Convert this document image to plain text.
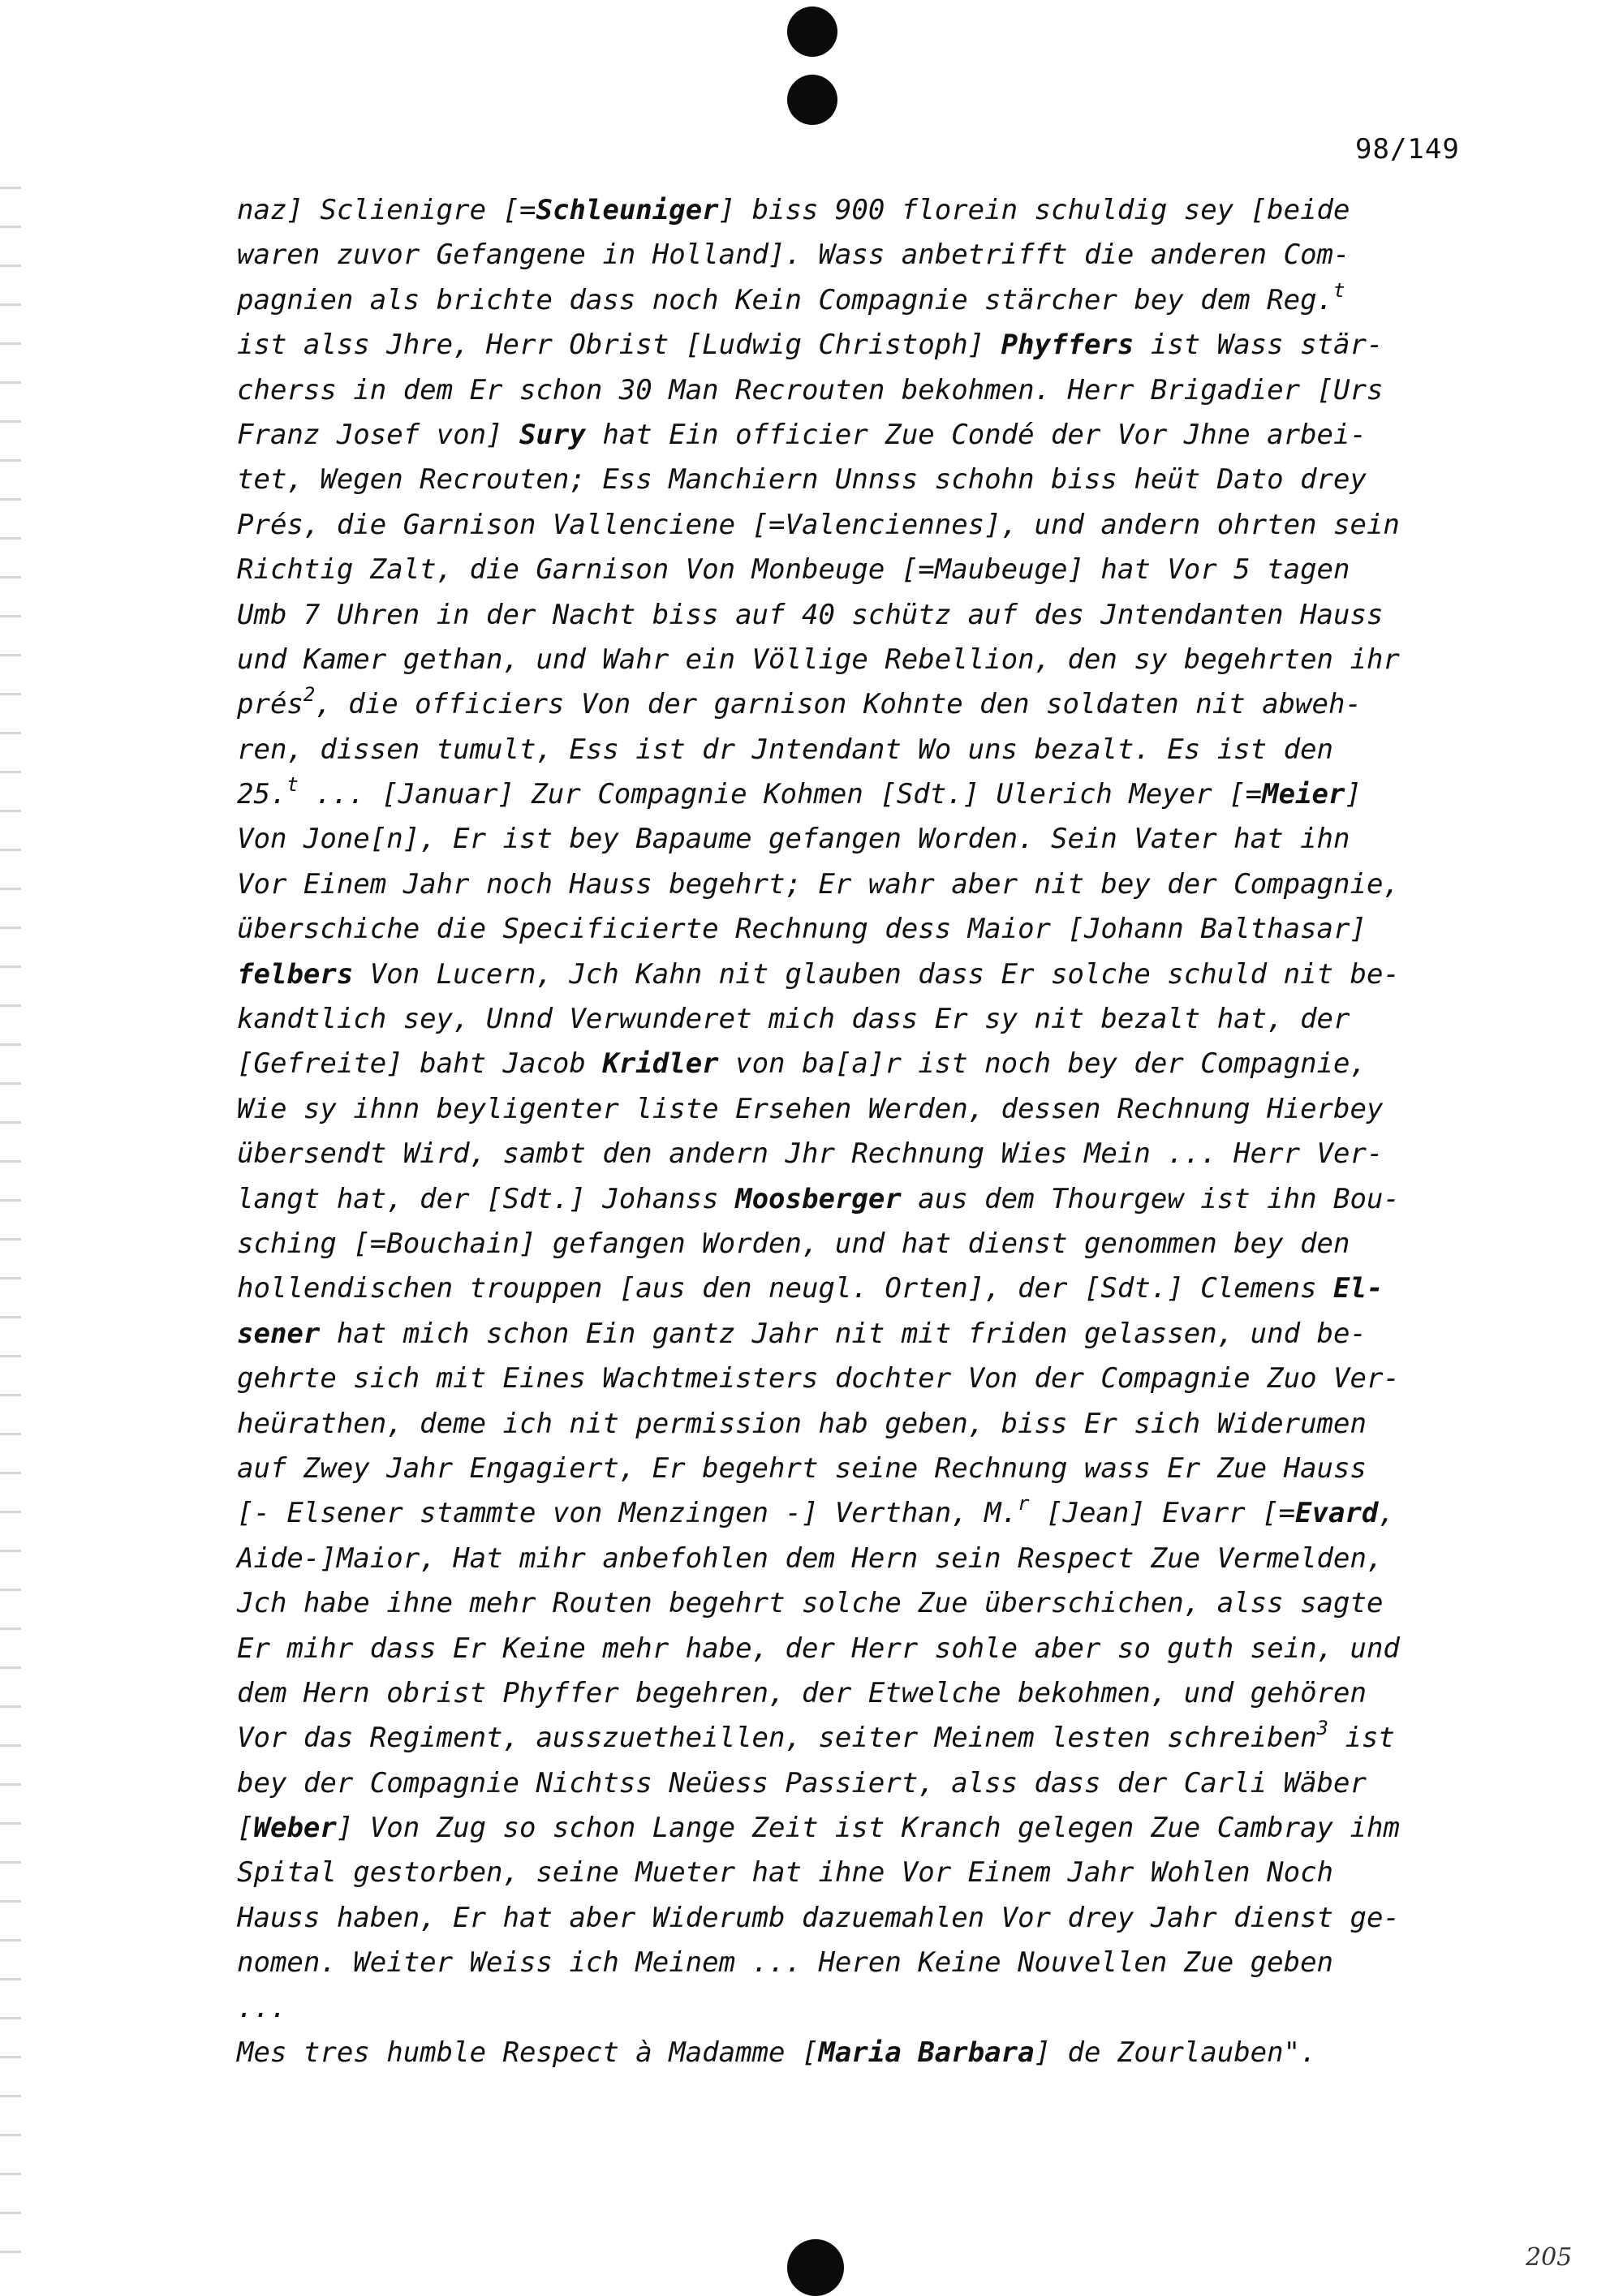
98/149
naz] Sclienigre [=Schleuniger] biss 900 florein schuldig sey [beide
waren zuvor Gefangene in Holland]. Wass anbetrifft die anderen Com-
pagnien als brichte dass noch Kein Compagnie stärcher bey dem Reg.$^t$
ist alss Jhre, Herr Obrist [Ludwig Christoph] Phyffers ist Wass stär-
cherss in dem Er schon 30 Man Recrouten bekohmen. Herr Brigadier [Urs
Franz Josef von] Sury hat Ein officier Zue Condé der Vor Jhne arbei-
tet, Wegen Recrouten; Ess Manchiern Unnss schohn biss heüt Dato drey
Prés, die Garnison Vallenciene [=Valenciennes], und andern ohrten sein
Richtig Zalt, die Garnison Von Monbeuge [=Maubeuge] hat Vor 5 tagen
Umb 7 Uhren in der Nacht biss auf 40 schütz auf des Jntendanten Hauss
und Kamer gethan, und Wahr ein Völlige Rebellion, den sy begehrten ihr
prés$^2$, die officiers Von der garnison Kohnte den soldaten nit abweh-
ren, dissen tumult, Ess ist dr Jntendant Wo uns bezalt. Es ist den
25.$^t$ ... [Januar] Zur Compagnie Kohmen [Sdt.] Ulerich Meyer [=Meier]
Von Jone[n], Er ist bey Bapaume gefangen Worden. Sein Vater hat ihn
Vor Einem Jahr noch Hauss begehrt; Er wahr aber nit bey der Compagnie,
überschiche die Specificierte Rechnung dess Maior [Johann Balthasar]
felbers Von Lucern, Jch Kahn nit glauben dass Er solche schuld nit be-
kandtlich sey, Unnd Verwunderet mich dass Er sy nit bezalt hat, der
[Gefreite] baht Jacob Kridler von ba[a]r ist noch bey der Compagnie,
Wie sy ihnn beyligenter liste Ersehen Werden, dessen Rechnung Hierbey
übersendt Wird, sambt den andern Jhr Rechnung Wies Mein ... Herr Ver-
langt hat, der [Sdt.] Johanss Moosberger aus dem Thourgew ist ihn Bou-
sching [=Bouchain] gefangen Worden, und hat dienst genommen bey den
hollendischen trouppen [aus den neugl. Orten], der [Sdt.] Clemens El-
sener hat mich schon Ein gantz Jahr nit mit friden gelassen, und be-
gehrte sich mit Eines Wachtmeisters dochter Von der Compagnie Zuo Ver-
heürathen, deme ich nit permission hab geben, biss Er sich Widerumen
auf Zwey Jahr Engagiert, Er begehrt seine Rechnung wass Er Zue Hauss
[- Elsener stammte von Menzingen -] Verthan, M.$^r$ [Jean] Evarr [=Evard,
Aide-]Maior, Hat mihr anbefohlen dem Hern sein Respect Zue Vermelden,
Jch habe ihne mehr Routen begehrt solche Zue überschichen, alss sagte
Er mihr dass Er Keine mehr habe, der Herr sohle aber so guth sein, und
dem Hern obrist Phyffer begehren, der Etwelche bekohmen, und gehören
Vor das Regiment, ausszuetheillen, seiter Meinem lesten schreiben$^3$ ist
bey der Compagnie Nichtss Neüess Passiert, alss dass der Carli Wäber
[Weber] Von Zug so schon Lange Zeit ist Kranch gelegen Zue Cambray ihm
Spital gestorben, seine Mueter hat ihne Vor Einem Jahr Wohlen Noch
Hauss haben, Er hat aber Widerumb dazuemahlen Vor drey Jahr dienst ge-
nomen. Weiter Weiss ich Meinem ... Heren Keine Nouvellen Zue geben
...
Mes tres humble Respect à Madamme [Maria Barbara] de Zourlauben".
205
